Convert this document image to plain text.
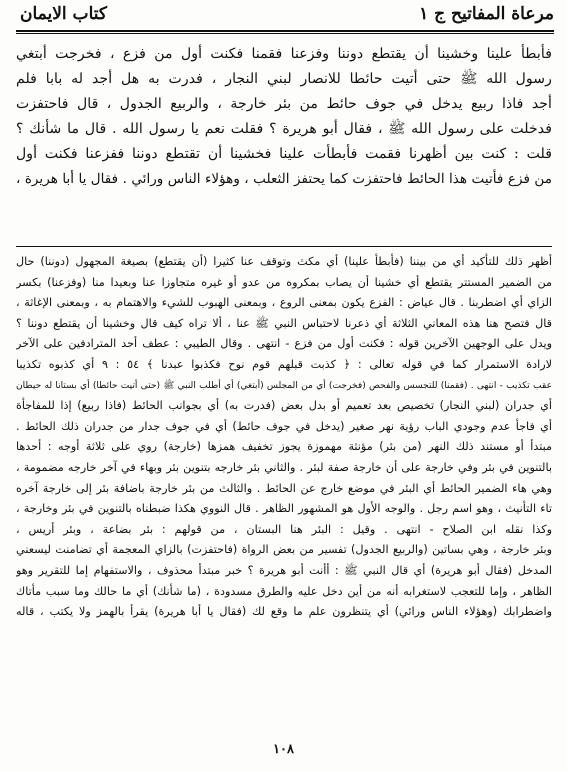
مرعاة المفاتيح ج ١
كتاب الايمان
فأبطأ علينا وخشينا أن يقتطع دوننا وفزعنا فقمنا فكنت أول من فزع ، فخرجت أبتغي
رسول الله ﷺ حتى أتيت حائطا للانصار لبني النجار ، فدرت به هل أجد له بابا فلم
أجد فاذا ربيع يدخل في جوف حائط من بئر خارجة ، والربيع الجدول ، قال فاحتفزت
فدخلت على رسول الله ﷺ ، فقال أبو هريرة ؟ فقلت نعم يا رسول الله . قال ما شأنك ؟
قلت : كنت بين أظهرنا فقمت فأبطأت علينا فخشينا أن تقتطع دوننا ففزعنا فكنت أول
من فزع فأتيت هذا الحائط فاحتفزت كما يحتفز الثعلب ، وهؤلاء الناس ورائي . فقال يا أبا هريرة ،
أظهر ذلك للتأكيد أي من بيننا (فأبطأ علينا) أي مكث وتوقف عنا كثيرا (أن يقتطع) بصيغة المجهول (دوننا) حال
من الضمير المستتر يقتطع أي خشينا أن يصاب بمكروه من عدو أو غيره متجاوزا عنا وبعيدا منا (وفزعنا) بكسر
الزاي أي اضطربنا . قال عياض : الفزع يكون بمعنى الروع ، وبمعنى الهبوب للشيء والاهتمام به ، وبمعنى الإغاثة ،
قال فتصح هنا هذه المعاني الثلاثة أي ذعرنا لاحتباس النبي ﷺ عنا ، ألا تراه كيف قال وخشينا أن يقتطع دوننا ؟
ويدل على الوجهين الآخرين قوله : فكنت أول من فزع - انتهى . وقال الطيبي : عطف أحد المترادفين على الآخر
لارادة الاستمرار كما في قوله تعالى : ﴿ كذبت قبلهم قوم نوح فكذبوا عبدنا ﴾ ٥٤ : ٩ أي كذبوه تكذيبا
عقب تكذيب - انتهى . (فقمنا) للتجسس والفحص (فخرجت) أي من المجلس (أبتغي) أي أطلب النبي ﷺ (حتى أتيت حائطا) أي بستانا له حيطان
أي جدران (لبني النجار) تخصيص بعد تعميم أو بدل بعض (فدرت به) أي بجوانب الحائط (فاذا ربيع) إذا للمفاجأة
أي فاجأ عدم وجودي الباب رؤية نهر صغير (يدخل في جوف حائط) أي في جوف جدار من جدران ذلك الحائط .
مبتدأ أو مستند ذلك النهر (من بئر) مؤنثة مهموزة يجوز تخفيف همزها (خارجة) روي على ثلاثة أوجه : أحدها
بالتنوين في بئر وفي خارجة على أن خارجة صفة لبئر . والثاني بئر خارجه بتنوين بئر وبهاء في آخر خارجه مضمومة ،
وهي هاء الضمير الحائط أي البئر في موضع خارج عن الحائط . والثالث من بئر خارجة باضافة بئر إلى خارجة آخره
تاء التأنيث ، وهو اسم رجل . والوجه الأول هو المشهور الظاهر . قال النووي هكذا ضبطناه بالتنوين في بئر وخارجة ،
وكذا نقله ابن الصلاح - انتهى . وقيل : البئر هنا البستان ، من قولهم : بئر بضاعة ، وبئر أريس ،
وبئر خارجة ، وهي بساتين (والربيع الجدول) تفسير من بعض الرواة (فاحتفزت) بالزاي المعجمة أي تضامنت ليسعني
المدخل (فقال أبو هريرة) أي قال النبي ﷺ : أأنت أبو هريرة ؟ خبر مبتدأ محذوف ، والاستفهام إما للتقرير وهو
الظاهر ، وإما للتعجب لاستغرابه أنه من أين دخل عليه والطرق مسدودة ، (ما شأنك) أي ما حالك وما سبب مأتاك
واضطرابك (وهؤلاء الناس ورائي) أي يتنظرون علم ما وقع لك (فقال يا أبا هريرة) يقرأ بالهمز ولا يكتب ، قاله
١٠٨
